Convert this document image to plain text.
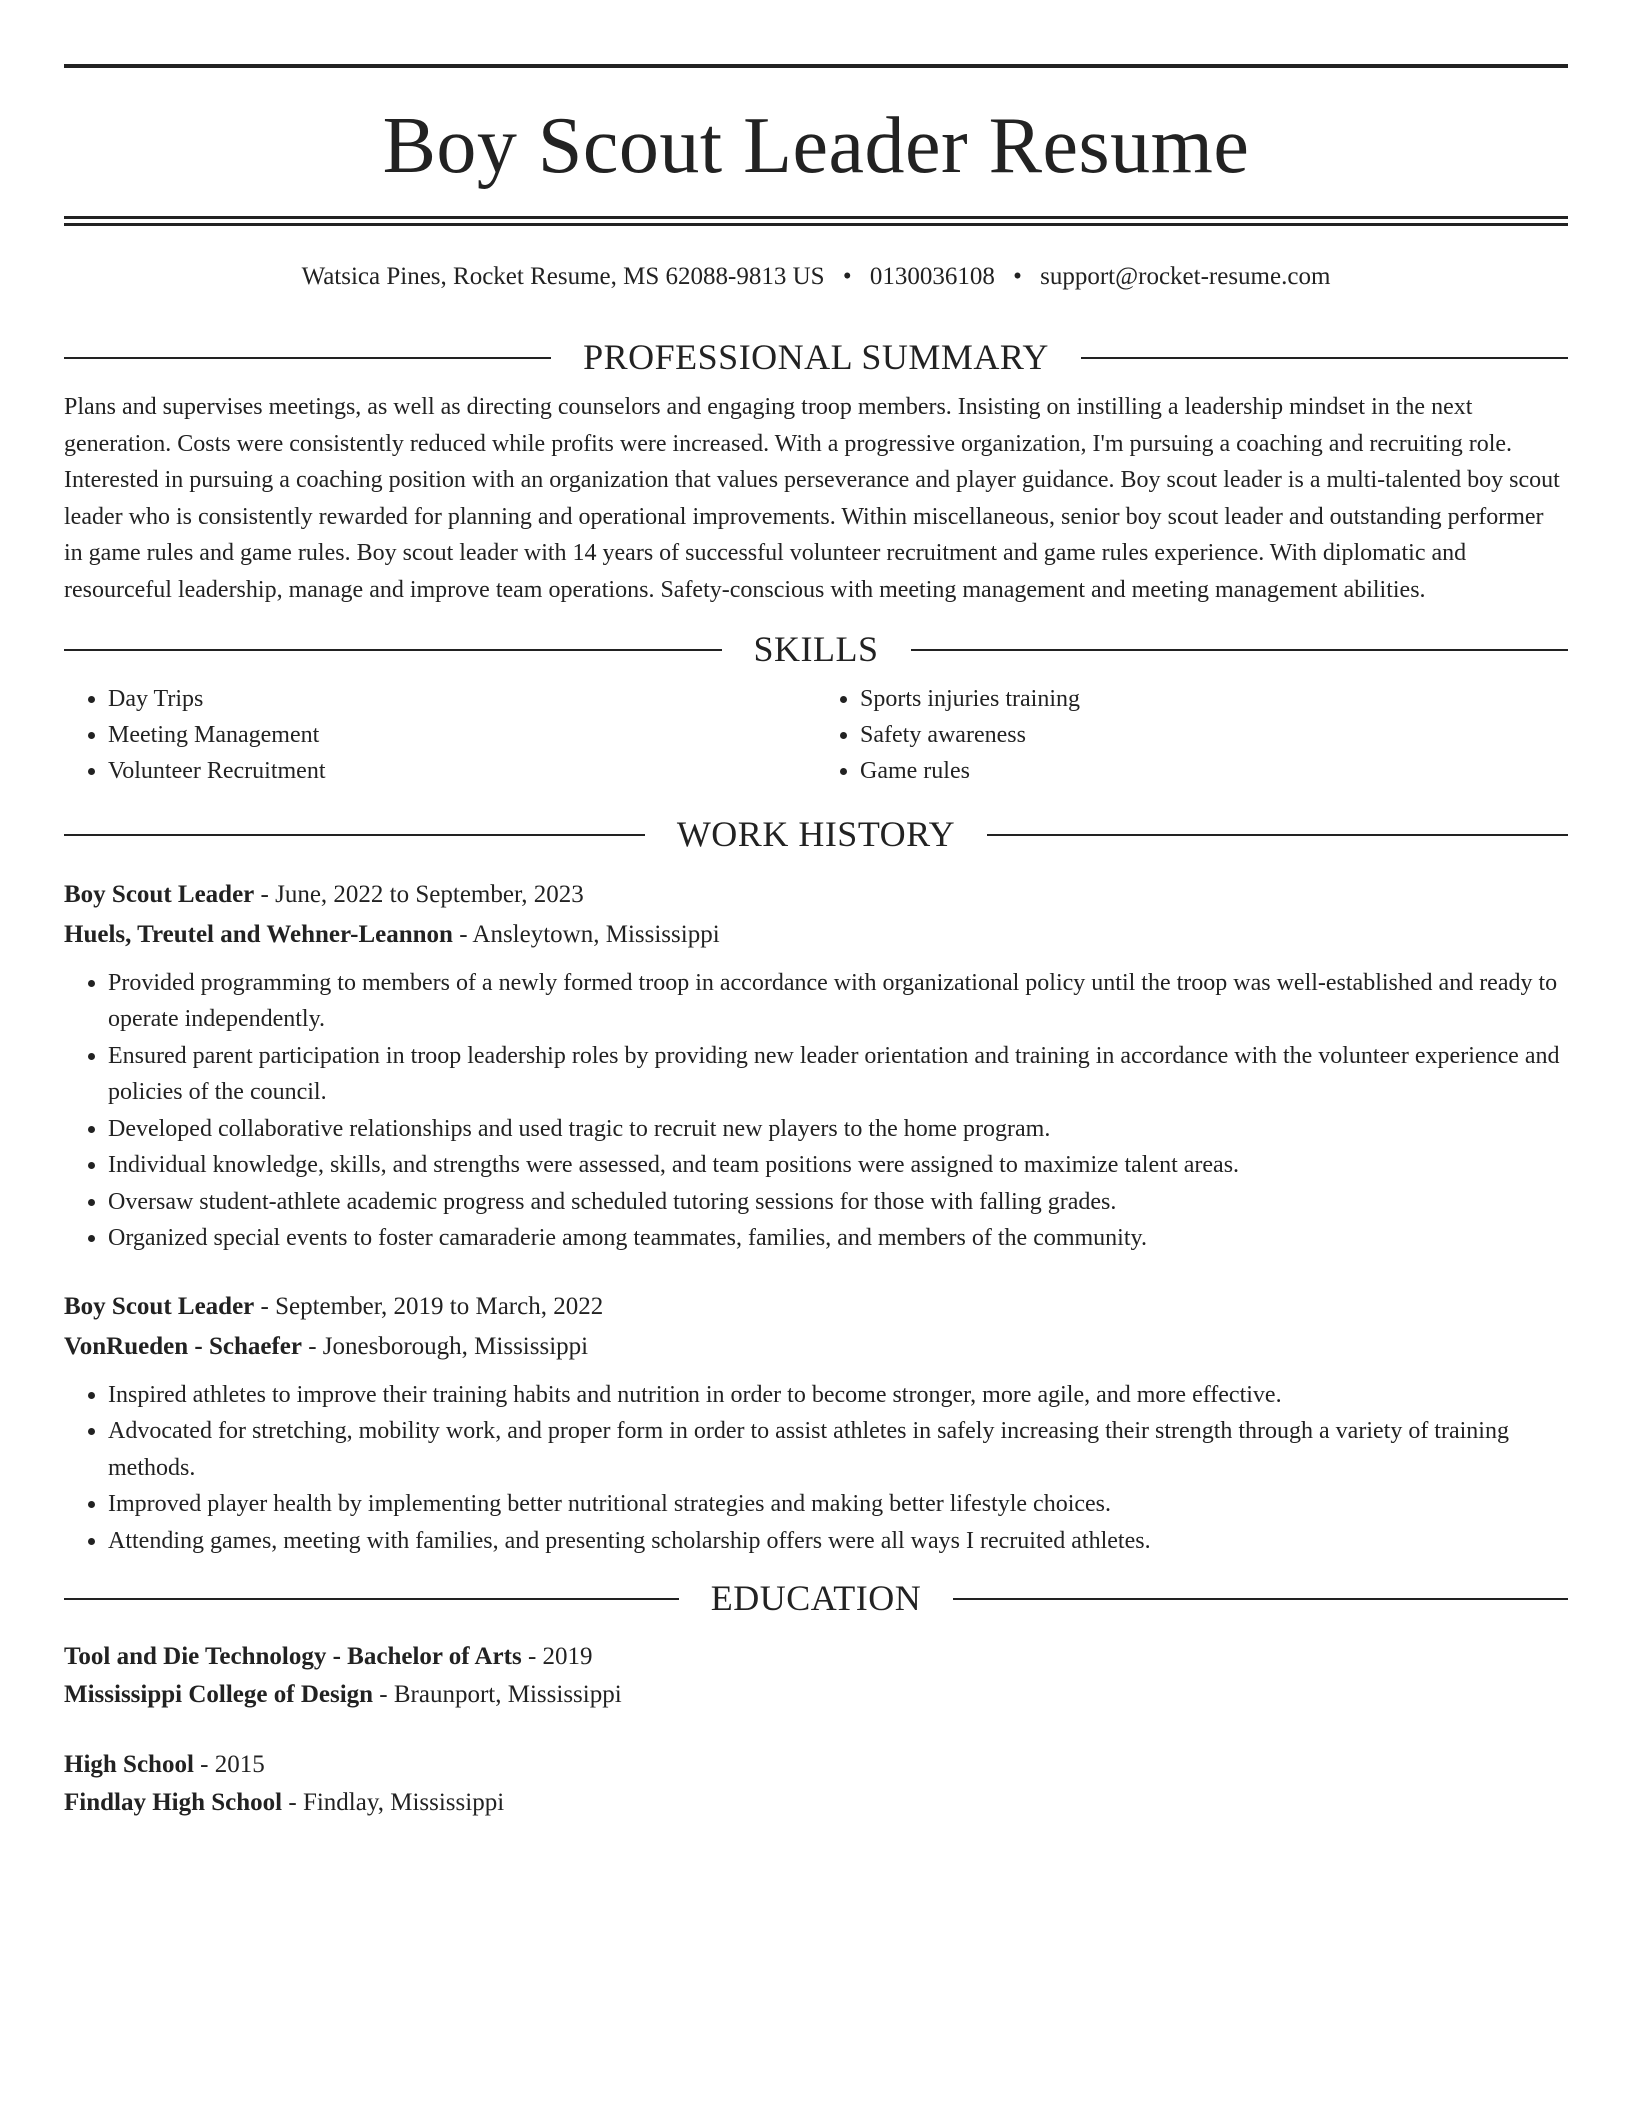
Boy Scout Leader Resume
Watsica Pines, Rocket Resume, MS 62088-9813 US • 0130036108 • support@rocket-resume.com
PROFESSIONAL SUMMARY

Plans and supervises meetings, as well as directing counselors and engaging troop members. Insisting on instilling a leadership mindset in the next generation. Costs were consistently reduced while profits were increased. With a progressive organization, I'm pursuing a coaching and recruiting role. Interested in pursuing a coaching position with an organization that values perseverance and player guidance. Boy scout leader is a multi-talented boy scout leader who is consistently rewarded for planning and operational improvements. Within miscellaneous, senior boy scout leader and outstanding performer in game rules and game rules. Boy scout leader with 14 years of successful volunteer recruitment and game rules experience. With diplomatic and resourceful leadership, manage and improve team operations. Safety-conscious with meeting management and meeting management abilities.

SKILLS
• Day Trips
• Meeting Management
• Volunteer Recruitment
• Sports injuries training
• Safety awareness
• Game rules
WORK HISTORY
Boy Scout Leader - June, 2022 to September, 2023
Huels, Treutel and Wehner-Leannon - Ansleytown, Mississippi
• Provided programming to members of a newly formed troop in accordance with organizational policy until the troop was well-established and ready to operate independently.
• Ensured parent participation in troop leadership roles by providing new leader orientation and training in accordance with the volunteer experience and policies of the council.
• Developed collaborative relationships and used tragic to recruit new players to the home program.
• Individual knowledge, skills, and strengths were assessed, and team positions were assigned to maximize talent areas.
• Oversaw student-athlete academic progress and scheduled tutoring sessions for those with falling grades.
• Organized special events to foster camaraderie among teammates, families, and members of the community.
Boy Scout Leader - September, 2019 to March, 2022
VonRueden - Schaefer - Jonesborough, Mississippi
• Inspired athletes to improve their training habits and nutrition in order to become stronger, more agile, and more effective.
• Advocated for stretching, mobility work, and proper form in order to assist athletes in safely increasing their strength through a variety of training methods.
• Improved player health by implementing better nutritional strategies and making better lifestyle choices.
• Attending games, meeting with families, and presenting scholarship offers were all ways I recruited athletes.
EDUCATION
Tool and Die Technology - Bachelor of Arts - 2019
Mississippi College of Design - Braunport, Mississippi
High School - 2015
Findlay High School - Findlay, Mississippi
